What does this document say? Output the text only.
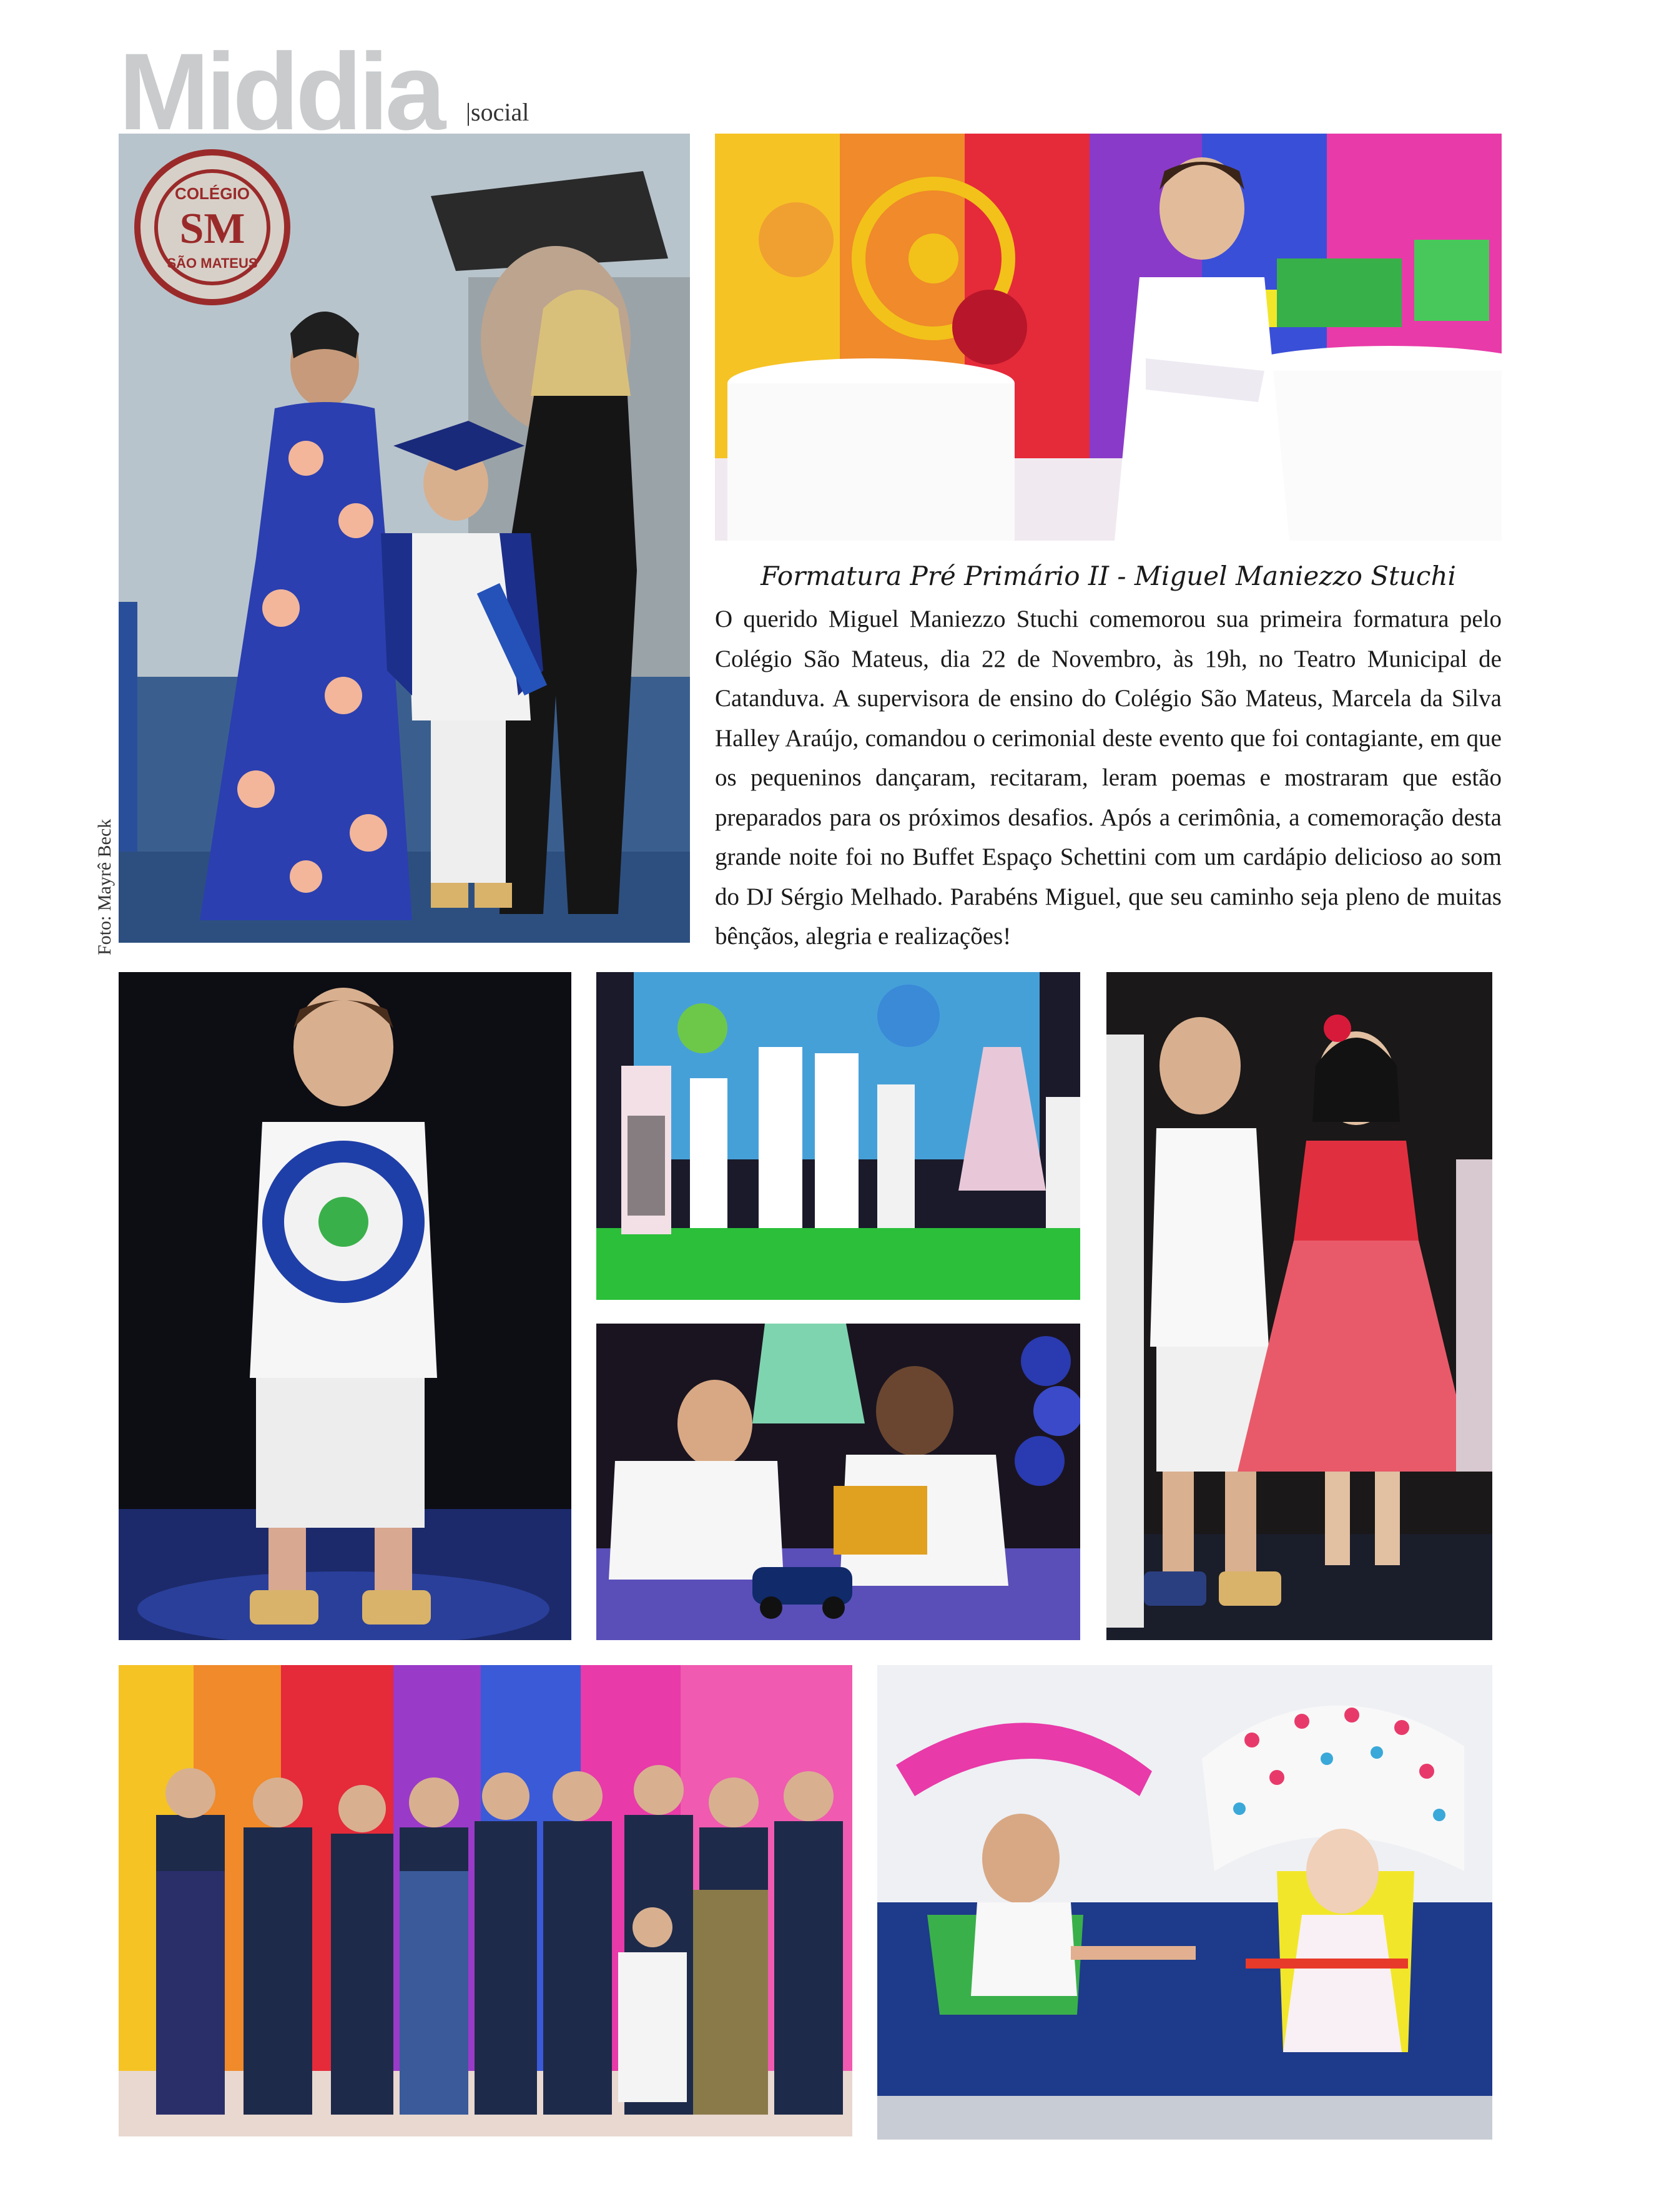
Middia |social
COLÉGIO
SM
SÃO MATEUS
Foto: Mayrê Beck
Formatura Pré Primário II - Miguel Maniezzo Stuchi
O querido Miguel Maniezzo Stuchi comemorou sua primeira formatura pelo Colégio São Mateus, dia 22 de Novembro, às 19h, no Teatro Municipal de Catanduva. A supervisora de ensino do Colégio São Mateus, Marcela da Silva Halley Araújo, comandou o cerimonial deste evento que foi contagiante, em que os pequeninos dançaram, recitaram, leram poemas e mostraram que estão preparados para os próximos desafios. Após a cerimônia, a comemoração desta grande noite foi no Buffet Espaço Schettini com um cardápio delicioso ao som do DJ Sérgio Melhado. Parabéns Miguel, que seu caminho seja pleno de muitas bênçãos, alegria e realizações!
